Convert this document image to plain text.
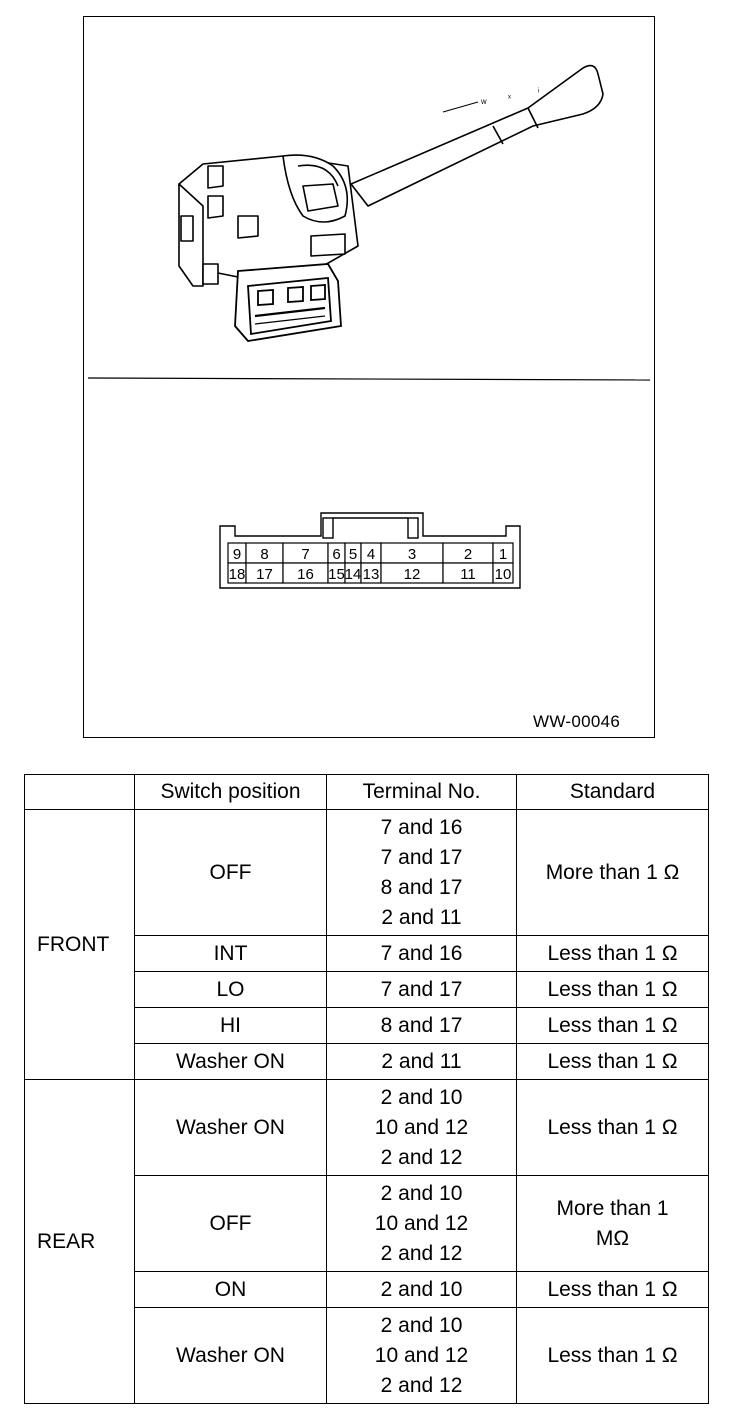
ᵂ
ₓ
ᵢ
9
18
8
17
7
16
6
15
5
14
4
13
3
12
2
11
1
10
WW-00046
	Switch position	Terminal No.	Standard
FRONT	OFF	7 and 16
7 and 17
8 and 17
2 and 11	More than 1 Ω
	INT	7 and 16	Less than 1 Ω
	LO	7 and 17	Less than 1 Ω
	HI	8 and 17	Less than 1 Ω
	Washer ON	2 and 11	Less than 1 Ω
REAR	Washer ON	2 and 10
10 and 12
2 and 12	Less than 1 Ω
	OFF	2 and 10
10 and 12
2 and 12	More than 1 MΩ
	ON	2 and 10	Less than 1 Ω
	Washer ON	2 and 10
10 and 12
2 and 12	Less than 1 Ω
